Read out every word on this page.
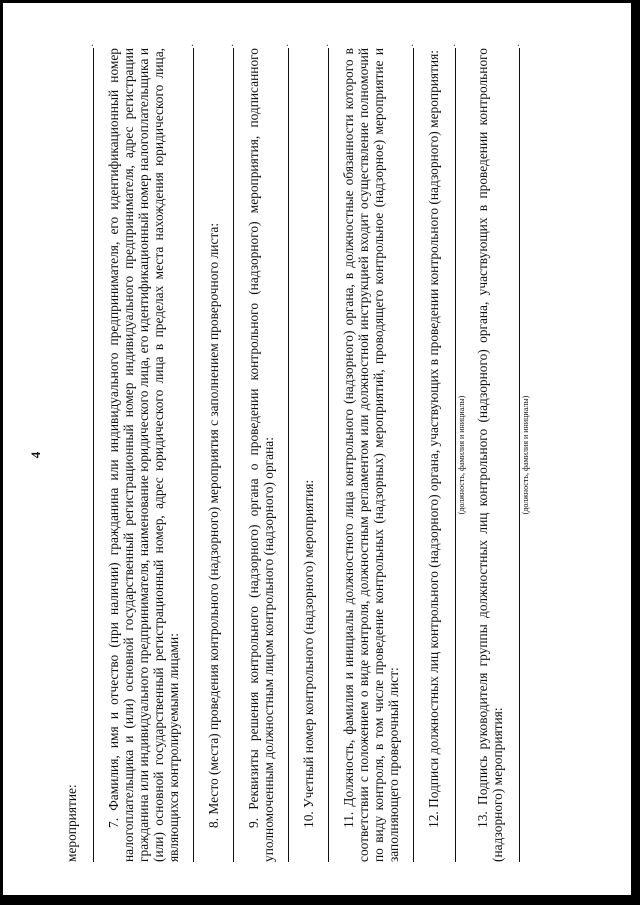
4

мероприятие:

.

7. Фамилия, имя и отчество (при наличии) гражданина или индивидуального предпринимателя, его идентификационный номер налогоплательщика и (или) основной государственный регистрационный номер индивидуального предпринимателя, адрес регистрации гражданина или индивидуального предпринимателя, наименование юридического лица, его идентификационный номер налогоплательщика и (или) основной государственный регистрационный номер, адрес юридического лица в пределах места нахождения юридического лица, являющихся контролируемыми лицами:

.

8. Место (места) проведения контрольного (надзорного) мероприятия с заполнением проверочного листа:

.

9. Реквизиты решения контрольного (надзорного) органа о проведении контрольного (надзорного) мероприятия, подписанного уполномоченным должностным лицом контрольного (надзорного) органа:

.

10. Учетный номер контрольного (надзорного) мероприятия:

.

11. Должность, фамилия и инициалы должностного лица контрольного (надзорного) органа, в должностные обязанности которого в соответствии с положением о виде контроля, должностным регламентом или должностной инструкцией входит осуществление полномочий по виду контроля, в том числе проведение контрольных (надзорных) мероприятий, проводящего контрольное (надзорное) мероприятие и заполняющего проверочный лист:

.

12. Подписи должностных лиц контрольного (надзорного) органа, участвующих в проведении контрольного (надзорного) мероприятия:

.
(должность, фамилия и инициалы) 13. Подпись руководителя группы должностных лиц контрольного (надзорного) органа, участвующих в проведении контрольного (надзорного) мероприятия:

.
(должность, фамилия и инициалы)
